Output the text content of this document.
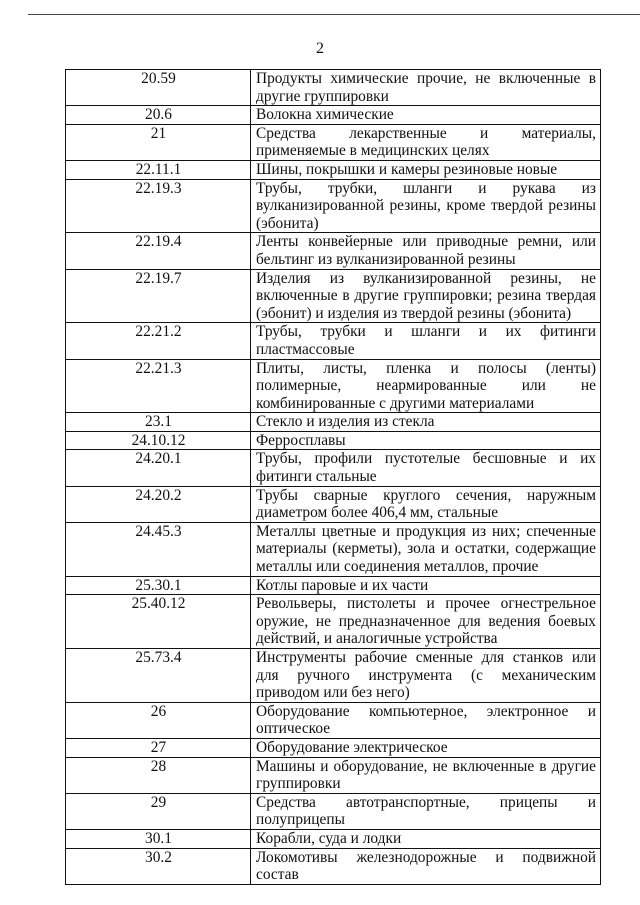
2
20.59	Продукты химические прочие, не включенные в другие группировки
20.6	Волокна химические
21	Средства лекарственные и материалы, применяемые в медицинских целях
22.11.1	Шины, покрышки и камеры резиновые новые
22.19.3	Трубы, трубки, шланги и рукава из вулканизированной резины, кроме твердой резины (эбонита)
22.19.4	Ленты конвейерные или приводные ремни, или бельтинг из вулканизированной резины
22.19.7	Изделия из вулканизированной резины, не включенные в другие группировки; резина твердая (эбонит) и изделия из твердой резины (эбонита)
22.21.2	Трубы, трубки и шланги и их фитинги пластмассовые
22.21.3	Плиты, листы, пленка и полосы (ленты) полимерные, неармированные или не комбинированные с другими материалами
23.1	Стекло и изделия из стекла
24.10.12	Ферросплавы
24.20.1	Трубы, профили пустотелые бесшовные и их фитинги стальные
24.20.2	Трубы сварные круглого сечения, наружным диаметром более 406,4 мм, стальные
24.45.3	Металлы цветные и продукция из них; спеченные материалы (керметы), зола и остатки, содержащие металлы или соединения металлов, прочие
25.30.1	Котлы паровые и их части
25.40.12	Револьверы, пистолеты и прочее огнестрельное оружие, не предназначенное для ведения боевых действий, и аналогичные устройства
25.73.4	Инструменты рабочие сменные для станков или для ручного инструмента (с механическим приводом или без него)
26	Оборудование компьютерное, электронное и оптическое
27	Оборудование электрическое
28	Машины и оборудование, не включенные в другие группировки
29	Средства автотранспортные, прицепы и полуприцепы
30.1	Корабли, суда и лодки
30.2	Локомотивы железнодорожные и подвижной состав
